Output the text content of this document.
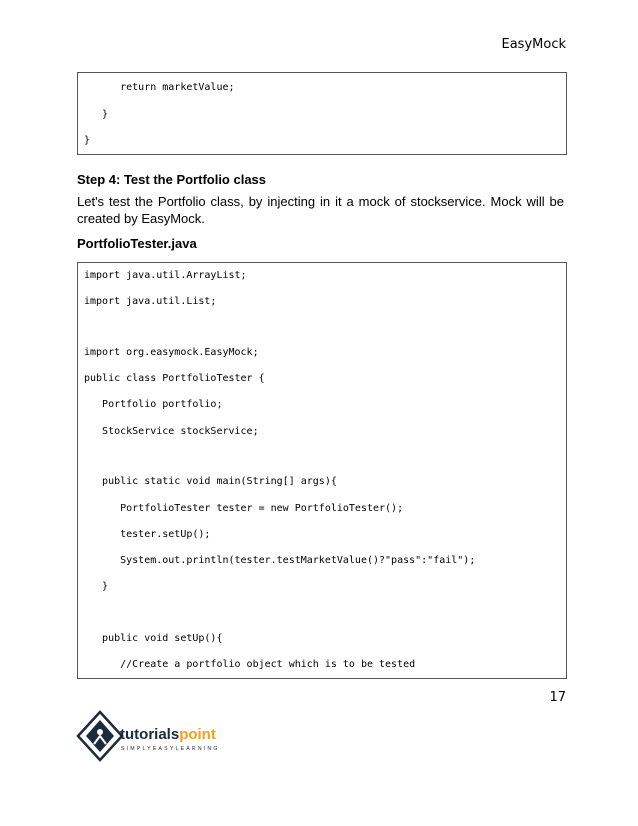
EasyMock

return marketValue;

}

}

Step 4: Test the Portfolio class
Let's test the Portfolio class, by injecting in it a mock of stockservice. Mock will be created by EasyMock.
PortfolioTester.java

import java.util.ArrayList;

import java.util.List;

import org.easymock.EasyMock;

public class PortfolioTester {

Portfolio portfolio;

StockService stockService;

public static void main(String[] args){

PortfolioTester tester = new PortfolioTester();

tester.setUp();

System.out.println(tester.testMarketValue()?"pass":"fail");

}

public void setUp(){

//Create a portfolio object which is to be tested

17
tutorialspoint
SIMPLYEASYLEARNING
